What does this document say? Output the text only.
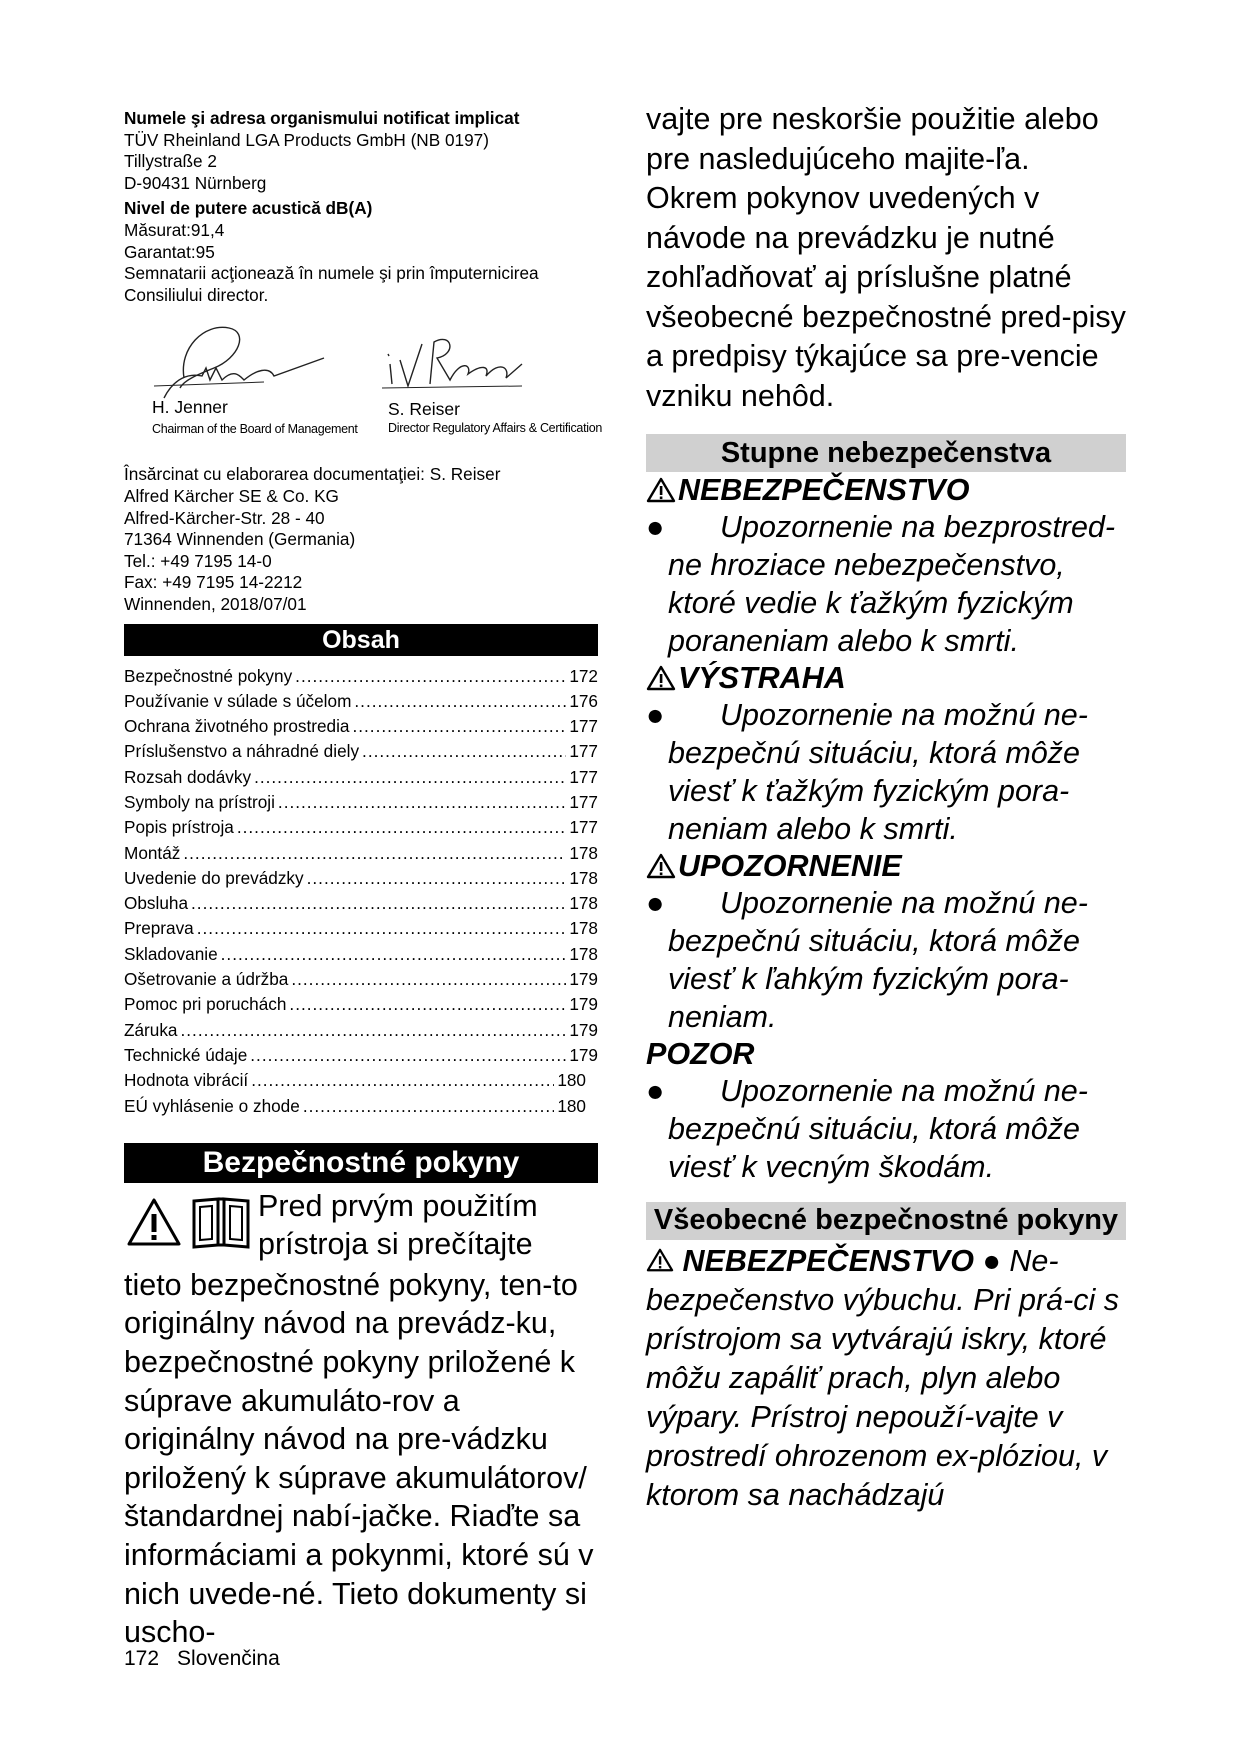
Numele şi adresa organismului notificat implicat
TÜV Rheinland LGA Products GmbH (NB 0197)
Tillystraße 2
D-90431 Nürnberg
Nivel de putere acustică dB(A)
Măsurat:91,4
Garantat:95
Semnatarii acţionează în numele şi prin împuternicirea Consiliului director.
H. Jenner
Chairman of the Board of Management
S. Reiser
Director Regulatory Affairs & Certification
Însărcinat cu elaborarea documentaţiei: S. Reiser
Alfred Kärcher SE & Co. KG
Alfred-Kärcher-Str. 28 - 40
71364 Winnenden (Germania)
Tel.: +49 7195 14-0
Fax: +49 7195 14-2212
Winnenden, 2018/07/01
Obsah
Bezpečnostné pokyny .....	172
Používanie v súlade s účelom .....	176
Ochrana životného prostredia .....	177
Príslušenstvo a náhradné diely .....	177
Rozsah dodávky .....	177
Symboly na prístroji .....	177
Popis prístroja .....	177
Montáž .....	178
Uvedenie do prevádzky .....	178
Obsluha .....	178
Preprava .....	178
Skladovanie .....	178
Ošetrovanie a údržba .....	179
Pomoc pri poruchách .....	179
Záruka .....	179
Technické údaje .....	179
Hodnota vibrácií .....	180
EÚ vyhlásenie o zhode .....	180
Bezpečnostné pokyny
Pred prvým použitím
prístroja si prečítajte
tieto bezpečnostné pokyny, ten-to originálny návod na prevádz-ku, bezpečnostné pokyny priložené k súprave akumuláto-rov a originálny návod na pre-vádzku priložený k súprave akumulátorov/štandardnej nabí-jačke. Riaďte sa informáciami a pokynmi, ktoré sú v nich uvede-né. Tieto dokumenty si uscho-
vajte pre neskoršie použitie alebo pre nasledujúceho majite-ľa.
Okrem pokynov uvedených v návode na prevádzku je nutné zohľadňovať aj príslušne platné všeobecné bezpečnostné pred-pisy a predpisy týkajúce sa pre-vencie vzniku nehôd.
Stupne nebezpečenstva
NEBEZPEČENSTVO
● Upozornenie na bezprostred-ne hroziace nebezpečenstvo, ktoré vedie k ťažkým fyzickým poraneniam alebo k smrti.
VÝSTRAHA
● Upozornenie na možnú ne-bezpečnú situáciu, ktorá môže viesť k ťažkým fyzickým pora-neniam alebo k smrti.
UPOZORNENIE
● Upozornenie na možnú ne-bezpečnú situáciu, ktorá môže viesť k ľahkým fyzickým pora-neniam.
POZOR
● Upozornenie na možnú ne-bezpečnú situáciu, ktorá môže viesť k vecným škodám.
Všeobecné bezpečnostné pokyny
NEBEZPEČENSTVO ● Ne-bezpečenstvo výbuchu. Pri prá-ci s prístrojom sa vytvárajú iskry, ktoré môžu zapáliť prach, plyn alebo výpary. Prístroj nepouží-vajte v prostredí ohrozenom ex-plóziou, v ktorom sa nachádzajú
172 Slovenčina
